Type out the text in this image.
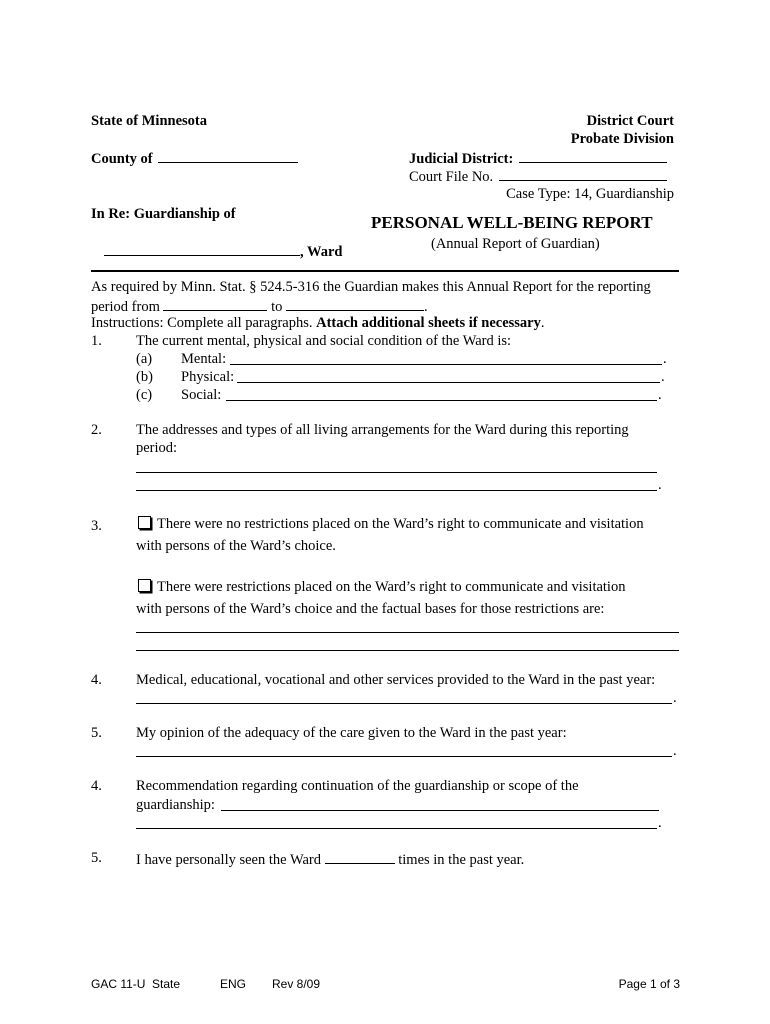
State of Minnesota	District Court
Probate Division
County of	Judicial District:
Court File No.
Case Type: 14, Guardianship
In Re: Guardianship of	PERSONAL WELL-BEING REPORT
(Annual Report of Guardian)
, Ward
As required by Minn. Stat. § 524.5-316 the Guardian makes this Annual Report for the reporting
period from	to	.
Instructions: Complete all paragraphs. Attach additional sheets if necessary.
1. The current mental, physical and social condition of the Ward is:
(a) Mental:	.
(b) Physical:	.
(c) Social:	.
2. The addresses and types of all living arrangements for the Ward during this reporting
period:
.
3.	There were no restrictions placed on the Ward’s right to communicate and visitation
with persons of the Ward’s choice.
There were restrictions placed on the Ward’s right to communicate and visitation
with persons of the Ward’s choice and the factual bases for those restrictions are:
4. Medical, educational, vocational and other services provided to the Ward in the past year:
.
5. My opinion of the adequacy of the care given to the Ward in the past year:
.
4. Recommendation regarding continuation of the guardianship or scope of the
guardianship:
.
5. I have personally seen the Ward	times in the past year.
GAC 11-U State	ENG Rev 8/09	Page 1 of 3
